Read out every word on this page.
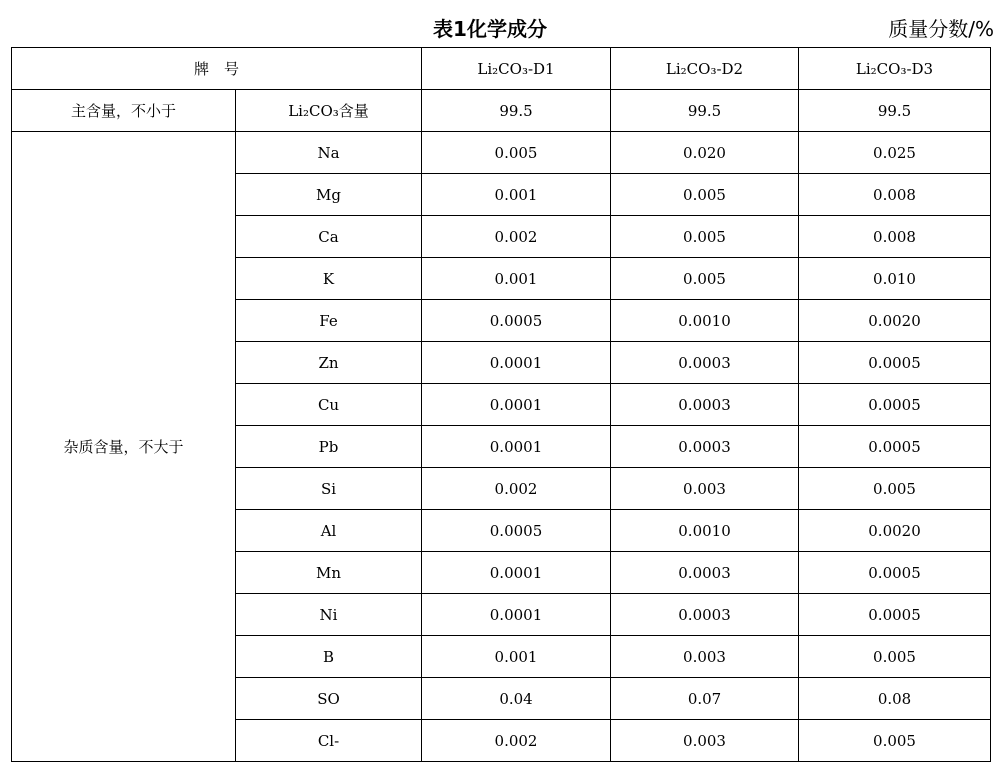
表1化学成分	质量分数/%
牌　号		Li₂CO₃-D1	Li₂CO₃-D2	Li₂CO₃-D3
主含量，不小于	Li₂CO₃含量	99.5	99.5	99.5
杂质含量，不大于	Na	0.005	0.020	0.025
	Mg	0.001	0.005	0.008
	Ca	0.002	0.005	0.008
	K	0.001	0.005	0.010
	Fe	0.0005	0.0010	0.0020
	Zn	0.0001	0.0003	0.0005
	Cu	0.0001	0.0003	0.0005
	Pb	0.0001	0.0003	0.0005
	Si	0.002	0.003	0.005
	Al	0.0005	0.0010	0.0020
	Mn	0.0001	0.0003	0.0005
	Ni	0.0001	0.0003	0.0005
	B	0.001	0.003	0.005
	SO	0.04	0.07	0.08
	Cl-	0.002	0.003	0.005
